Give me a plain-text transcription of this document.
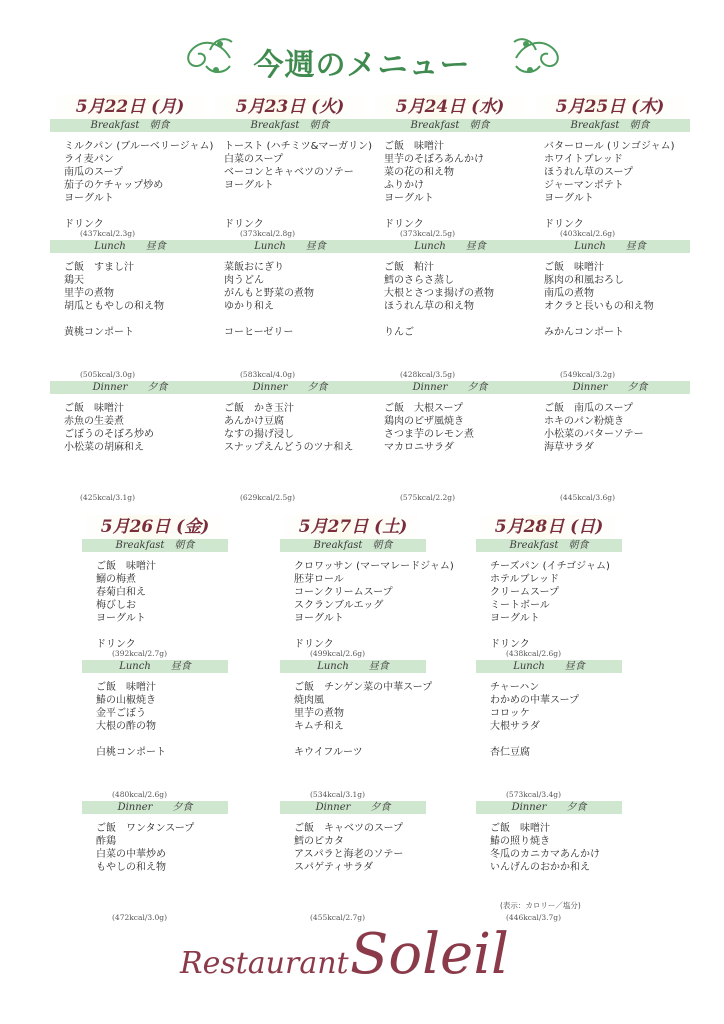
今週のメニュー
5月22日 (月)
Breakfast　朝食
ミルクパン (ブルーベリージャム)
ライ麦パン
南瓜のスープ
茄子のケチャップ炒め
ヨーグルト
ドリンク
(437kcal/2.3g)
Lunch　　昼食
ご飯　すまし汁
鶏天
里芋の煮物
胡瓜ともやしの和え物
黄桃コンポート
(505kcal/3.0g)
Dinner　　夕食
ご飯　味噌汁
赤魚の生姜煮
ごぼうのそぼろ炒め
小松菜の胡麻和え
(425kcal/3.1g)
5月23日 (火)
Breakfast　朝食
トースト (ハチミツ&マーガリン)
白菜のスープ
ベーコンとキャベツのソテー
ヨーグルト
ドリンク
(373kcal/2.8g)
Lunch　　昼食
菜飯おにぎり
肉うどん
がんもと野菜の煮物
ゆかり和え
コーヒーゼリー
(583kcal/4.0g)
Dinner　　夕食
ご飯　かき玉汁
あんかけ豆腐
なすの揚げ浸し
スナップえんどうのツナ和え
(629kcal/2.5g)
5月24日 (水)
Breakfast　朝食
ご飯　味噌汁
里芋のそぼろあんかけ
菜の花の和え物
ふりかけ
ヨーグルト
ドリンク
(373kcal/2.5g)
Lunch　　昼食
ご飯　粕汁
鱈のさらさ蒸し
大根とさつま揚げの煮物
ほうれん草の和え物
りんご
(428kcal/3.5g)
Dinner　　夕食
ご飯　大根スープ
鶏肉のピザ風焼き
さつま芋のレモン煮
マカロニサラダ
(575kcal/2.2g)
5月25日 (木)
Breakfast　朝食
バターロール (リンゴジャム)
ホワイトブレッド
ほうれん草のスープ
ジャーマンポテト
ヨーグルト
ドリンク
(403kcal/2.6g)
Lunch　　昼食
ご飯　味噌汁
豚肉の和風おろし
南瓜の煮物
オクラと長いもの和え物
みかんコンポート
(549kcal/3.2g)
Dinner　　夕食
ご飯　南瓜のスープ
ホキのパン粉焼き
小松菜のバターソテー
海草サラダ
(445kcal/3.6g)
5月26日 (金)
Breakfast　朝食
ご飯　味噌汁
鰯の梅煮
春菊白和え
梅びしお
ヨーグルト
ドリンク
(392kcal/2.7g)
Lunch　　昼食
ご飯　味噌汁
鰆の山椒焼き
金平ごぼう
大根の酢の物
白桃コンポート
(480kcal/2.6g)
Dinner　　夕食
ご飯　ワンタンスープ
酢鶏
白菜の中華炒め
もやしの和え物
(472kcal/3.0g)
5月27日 (土)
Breakfast　朝食
クロワッサン (マーマレードジャム)
胚芽ロール
コーンクリームスープ
スクランブルエッグ
ヨーグルト
ドリンク
(499kcal/2.6g)
Lunch　　昼食
ご飯　チンゲン菜の中華スープ
焼肉風
里芋の煮物
キムチ和え
キウイフルーツ
(534kcal/3.1g)
Dinner　　夕食
ご飯　キャベツのスープ
鱈のピカタ
アスパラと海老のソテー
スパゲティサラダ
(455kcal/2.7g)
5月28日 (日)
Breakfast　朝食
チーズパン (イチゴジャム)
ホテルブレッド
クリームスープ
ミートボール
ヨーグルト
ドリンク
(438kcal/2.6g)
Lunch　　昼食
チャーハン
わかめの中華スープ
コロッケ
大根サラダ
杏仁豆腐
(573kcal/3.4g)
Dinner　　夕食
ご飯　味噌汁
鰆の照り焼き
冬瓜のカニカマあんかけ
いんげんのおかか和え
(446kcal/3.7g)
(表示：カロリー／塩分)
Restaurant Soleil
